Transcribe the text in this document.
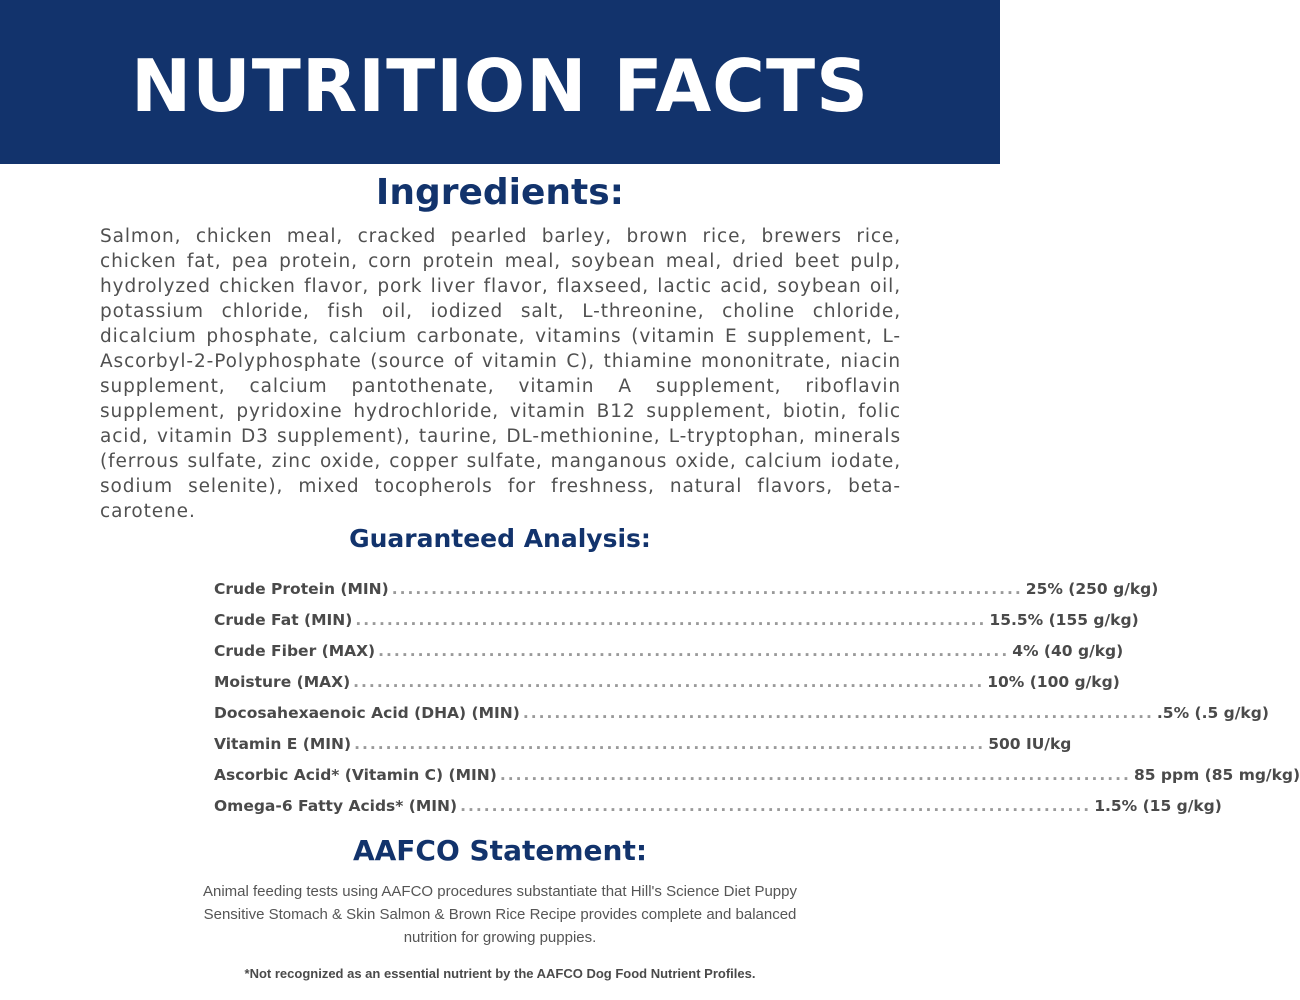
NUTRITION FACTS
Ingredients:

Salmon, chicken meal, cracked pearled barley, brown rice, brewers rice, chicken fat, pea protein, corn protein meal, soybean meal, dried beet pulp, hydrolyzed chicken flavor, pork liver flavor, flaxseed, lactic acid, soybean oil, potassium chloride, fish oil, iodized salt, L-threonine, choline chloride, dicalcium phosphate, calcium carbonate, vitamins (vitamin E supplement, L-Ascorbyl-2-Polyphosphate (source of vitamin C), thiamine mononitrate, niacin supplement, calcium pantothenate, vitamin A supplement, riboflavin supplement, pyridoxine hydrochloride, vitamin B12 supplement, biotin, folic acid, vitamin D3 supplement), taurine, DL-methionine, L-tryptophan, minerals (ferrous sulfate, zinc oxide, copper sulfate, manganous oxide, calcium iodate, sodium selenite), mixed tocopherols for freshness, natural flavors, beta-carotene.

Guaranteed Analysis:
Crude Protein (MIN) ................................................................................ 25% (250 g/kg)
Crude Fat (MIN) ................................................................................ 15.5% (155 g/kg)
Crude Fiber (MAX) ................................................................................ 4% (40 g/kg)
Moisture (MAX) ................................................................................ 10% (100 g/kg)
Docosahexaenoic Acid (DHA) (MIN) ................................................................................ .5% (.5 g/kg)
Vitamin E (MIN) ................................................................................ 500 IU/kg
Ascorbic Acid* (Vitamin C) (MIN) ................................................................................ 85 ppm (85 mg/kg)
Omega-6 Fatty Acids* (MIN) ................................................................................ 1.5% (15 g/kg)
AAFCO Statement:

Animal feeding tests using AAFCO procedures substantiate that Hill's Science Diet Puppy Sensitive Stomach & Skin Salmon & Brown Rice Recipe provides complete and balanced nutrition for growing puppies.

*Not recognized as an essential nutrient by the AAFCO Dog Food Nutrient Profiles.
